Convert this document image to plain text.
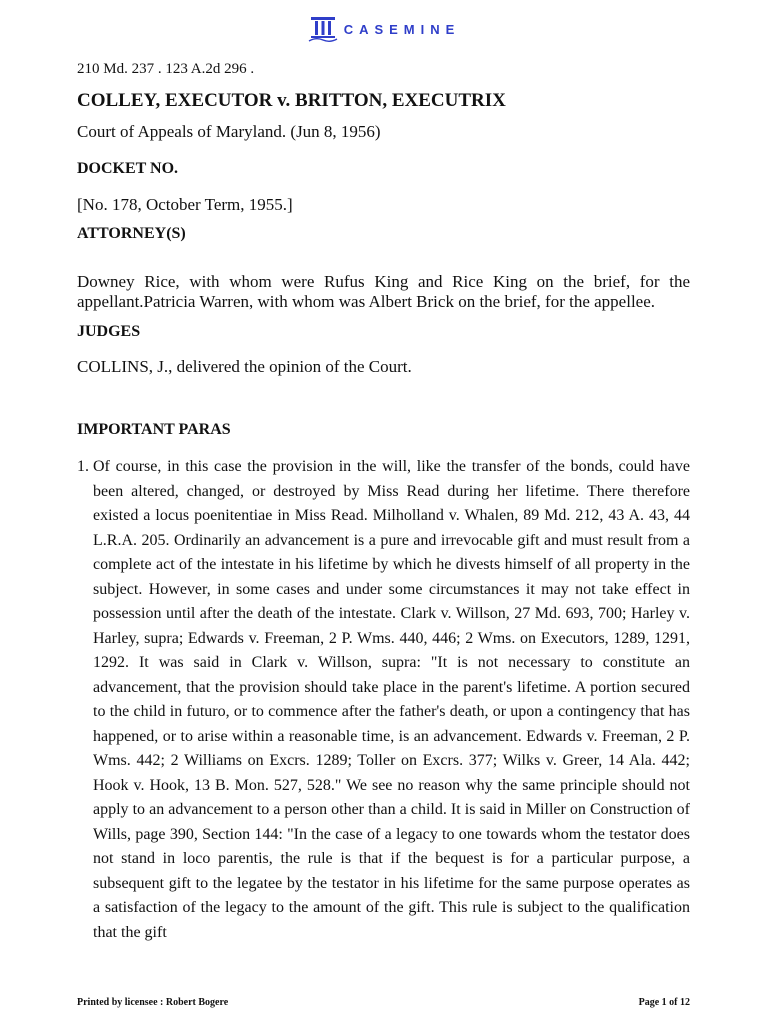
CASEMINE

210 Md. 237 . 123 A.2d 296 .

COLLEY, EXECUTOR v. BRITTON, EXECUTRIX

Court of Appeals of Maryland. (Jun 8, 1956)

DOCKET NO.

[No. 178, October Term, 1955.]

ATTORNEY(S)

Downey Rice, with whom were Rufus King and Rice King on the brief, for the appellant.Patricia Warren, with whom was Albert Brick on the brief, for the appellee.

JUDGES

COLLINS, J., delivered the opinion of the Court.

IMPORTANT PARAS
1. Of course, in this case the provision in the will, like the transfer of the bonds, could have been altered, changed, or destroyed by Miss Read during her lifetime. There therefore existed a locus poenitentiae in Miss Read. Milholland v. Whalen, 89 Md. 212, 43 A. 43, 44 L.R.A. 205. Ordinarily an advancement is a pure and irrevocable gift and must result from a complete act of the intestate in his lifetime by which he divests himself of all property in the subject. However, in some cases and under some circumstances it may not take effect in possession until after the death of the intestate. Clark v. Willson, 27 Md. 693, 700; Harley v. Harley, supra; Edwards v. Freeman, 2 P. Wms. 440, 446; 2 Wms. on Executors, 1289, 1291, 1292. It was said in Clark v. Willson, supra: "It is not necessary to constitute an advancement, that the provision should take place in the parent's lifetime. A portion secured to the child in futuro, or to commence after the father's death, or upon a contingency that has happened, or to arise within a reasonable time, is an advancement. Edwards v. Freeman, 2 P. Wms. 442; 2 Williams on Excrs. 1289; Toller on Excrs. 377; Wilks v. Greer, 14 Ala. 442; Hook v. Hook, 13 B. Mon. 527, 528." We see no reason why the same principle should not apply to an advancement to a person other than a child. It is said in Miller on Construction of Wills, page 390, Section 144: "In the case of a legacy to one towards whom the testator does not stand in loco parentis, the rule is that if the bequest is for a particular purpose, a subsequent gift to the legatee by the testator in his lifetime for the same purpose operates as a satisfaction of the legacy to the amount of the gift. This rule is subject to the qualification that the gift

Printed by licensee : Robert Bogere	Page 1 of 12
